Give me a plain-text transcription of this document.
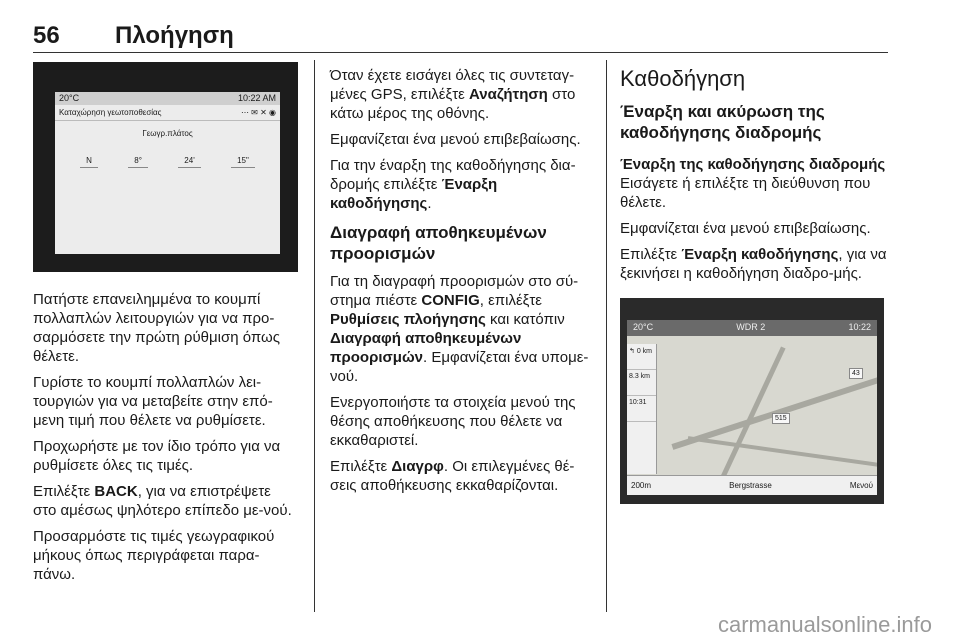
56 Πλοήγηση
20°C	10:22 AM
Καταχώρηση γεωτοποθεσίας	⋯ ✉ ✕ ◉
Γεωγρ.πλάτος
N	8°	24'	15"

Πατήστε επανειλημμένα το κουμπί πολλαπλών λειτουργιών για να προ-σαρμόσετε την πρώτη ρύθμιση όπως θέλετε.

Γυρίστε το κουμπί πολλαπλών λει-τουργιών για να μεταβείτε στην επό-μενη τιμή που θέλετε να ρυθμίσετε.

Προχωρήστε με τον ίδιο τρόπο για να ρυθμίσετε όλες τις τιμές.

Επιλέξτε BACK, για να επιστρέψετε στο αμέσως ψηλότερο επίπεδο με-νού.

Προσαρμόστε τις τιμές γεωγραφικού μήκους όπως περιγράφεται παρα-πάνω.

Όταν έχετε εισάγει όλες τις συντεταγ-μένες GPS, επιλέξτε Αναζήτηση στο κάτω μέρος της οθόνης.

Εμφανίζεται ένα μενού επιβεβαίωσης.

Για την έναρξη της καθοδήγησης δια-δρομής επιλέξτε Έναρξη καθοδήγησης.

Διαγραφή αποθηκευμένων προορισμών

Για τη διαγραφή προορισμών στο σύ-στημα πιέστε CONFIG, επιλέξτε Ρυθμίσεις πλοήγησης και κατόπιν Διαγραφή αποθηκευμένων προορισμών. Εμφανίζεται ένα υπομε-νού.

Ενεργοποιήστε τα στοιχεία μενού της θέσης αποθήκευσης που θέλετε να εκκαθαριστεί.

Επιλέξτε Διαγρφ. Οι επιλεγμένες θέ-σεις αποθήκευσης εκκαθαρίζονται.

Καθοδήγηση
Έναρξη και ακύρωση της καθοδήγησης διαδρομής
Έναρξη της καθοδήγησης διαδρομής

Εισάγετε ή επιλέξτε τη διεύθυνση που θέλετε.

Εμφανίζεται ένα μενού επιβεβαίωσης.

Επιλέξτε Έναρξη καθοδήγησης, για να ξεκινήσει η καθοδήγηση διαδρο-μής.

20°C	WDR 2	10:22
↰ 0 km
8.3 km
10:31
515
43
200m	Bergstrasse	Μενού
carmanualsonline.info
